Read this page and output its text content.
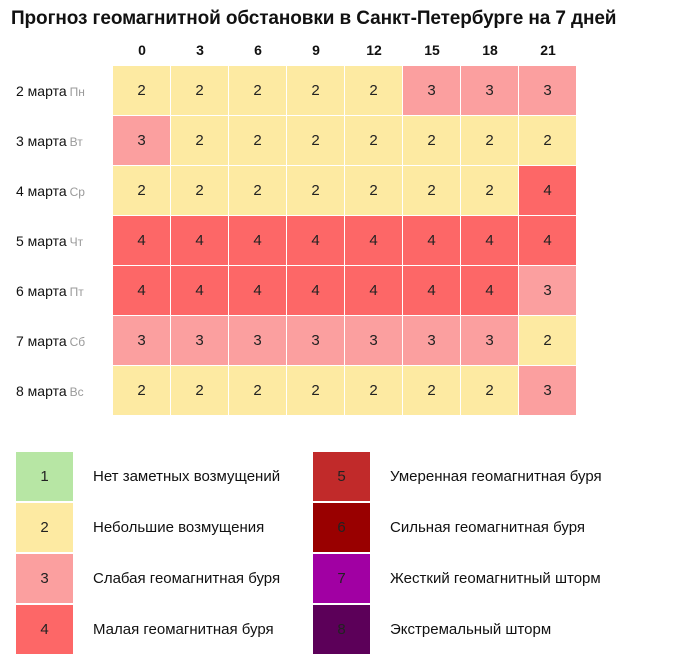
Прогноз геомагнитной обстановки в Санкт-Петербурге на 7 дней
0	3	6	9	12	15	18	21
2 марта Пн	2	2	2	2	2	3	3	3
3 марта Вт	3	2	2	2	2	2	2	2
4 марта Ср	2	2	2	2	2	2	2	4
5 марта Чт	4	4	4	4	4	4	4	4
6 марта Пт	4	4	4	4	4	4	4	3
7 марта Сб	3	3	3	3	3	3	3	2
8 марта Вс	2	2	2	2	2	2	2	3
1	Нет заметных возмущений
2	Небольшие возмущения
3	Слабая геомагнитная буря
4	Малая геомагнитная буря
5	Умеренная геомагнитная буря
6	Сильная геомагнитная буря
7	Жесткий геомагнитный шторм
8	Экстремальный шторм
